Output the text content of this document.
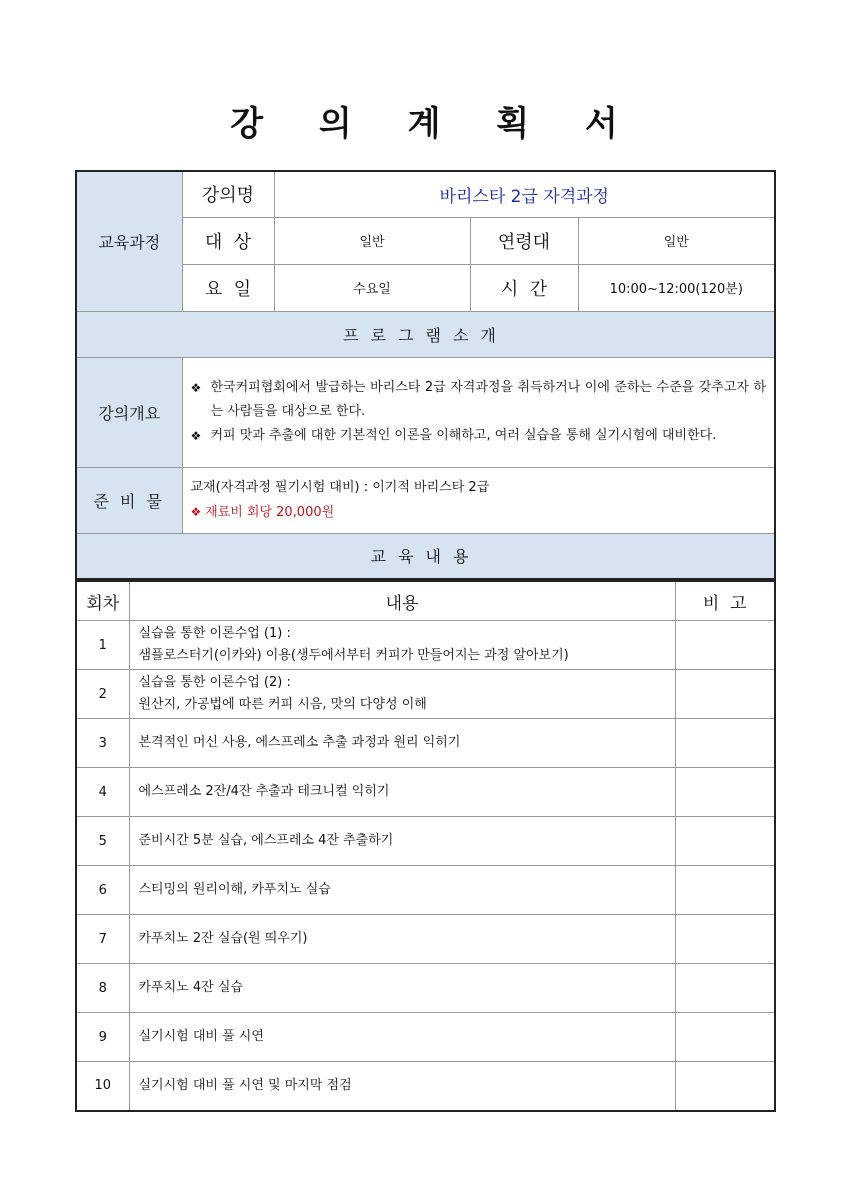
강 의 계 획 서
교육과정	강의명	바리스타 2급 자격과정		
	대  상	일반	연령대	일반
	요  일	수요일	시  간	10:00~12:00(120분)
프로그램소개				
강의개요	❖ 한국커피협회에서 발급하는 바리스타 2급 자격과정을 취득하거나 이에 준하는 수준을 갖추고자 하는 사람들을 대상으로 한다.
❖ 커피 맛과 추출에 대한 기본적인 이론을 이해하고, 여러 실습을 통해 실기시험에 대비한다.			

준 비 물	교재(자격과정 필기시험 대비) : 이기적 바리스타 2급
❖ 재료비 회당 20,000원			

교육내용				
회차	내용	비  고
1	실습을 통한 이론수업 (1) :
샘플로스터기(이카와) 이용(생두에서부터 커피가 만들어지는 과정 알아보기)	

2	실습을 통한 이론수업 (2) :
원산지, 가공법에 따른 커피 시음, 맛의 다양성 이해	

3	본격적인 머신 사용, 에스프레소 추출 과정과 원리 익히기	

4	에스프레소 2잔/4잔 추출과 테크니컬 익히기	

5	준비시간 5분 실습, 에스프레소 4잔 추출하기	

6	스티밍의 원리이해, 카푸치노 실습	

7	카푸치노 2잔 실습(원 띄우기)	

8	카푸치노 4잔 실습	

9	실기시험 대비 풀 시연	

10	실기시험 대비 풀 시연 및 마지막 점검	
